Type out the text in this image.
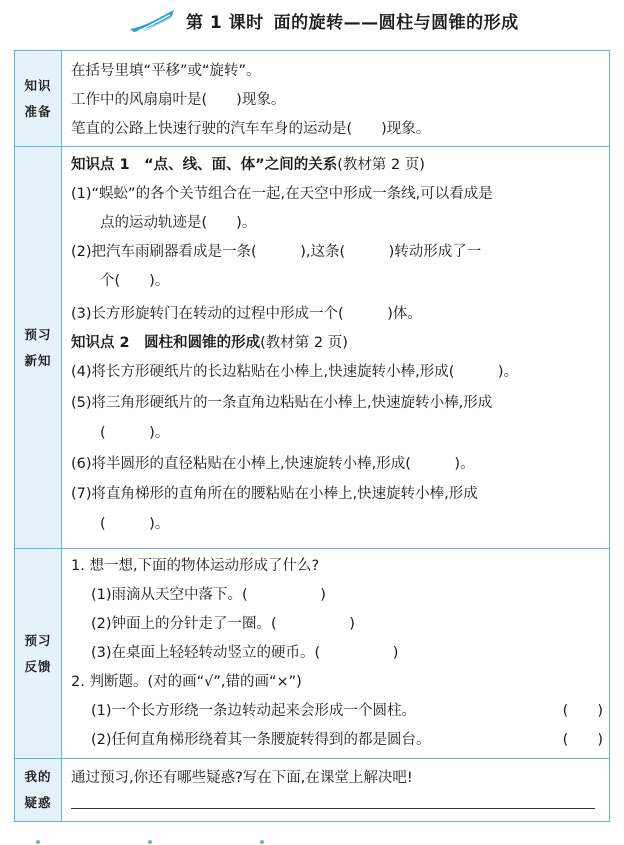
第 1 课时 面的旋转——圆柱与圆锥的形成
知识
准备
在括号里填“平移”或“旋转”。
工作中的风扇扇叶是(　　)现象。
笔直的公路上快速行驶的汽车车身的运动是(　　)现象。
预习
新知
知识点 1　“点、线、面、体”之间的关系(教材第 2 页)
(1)“蜈蚣”的各个关节组合在一起,在天空中形成一条线,可以看成是
　　点的运动轨迹是(　　)。
(2)把汽车雨刷器看成是一条(　　　),这条(　　　)转动形成了一
　　个(　　)。
(3)长方形旋转门在转动的过程中形成一个(　　　)体。
知识点 2　圆柱和圆锥的形成(教材第 2 页)
(4)将长方形硬纸片的长边粘贴在小棒上,快速旋转小棒,形成(　　　)。
(5)将三角形硬纸片的一条直角边粘贴在小棒上,快速旋转小棒,形成
　　(　　　)。
(6)将半圆形的直径粘贴在小棒上,快速旋转小棒,形成(　　　)。
(7)将直角梯形的直角所在的腰粘贴在小棒上,快速旋转小棒,形成
　　(　　　)。
预习
反馈
1. 想一想,下面的物体运动形成了什么?
(1)雨滴从天空中落下。(　　　　　)
(2)钟面上的分针走了一圈。(　　　　　)
(3)在桌面上轻轻转动竖立的硬币。(　　　　　)
2. 判断题。(对的画“√”,错的画“×”)
(1)一个长方形绕一条边转动起来会形成一个圆柱。	(　　)
(2)任何直角梯形绕着其一条腰旋转得到的都是圆台。	(　　)
我的
疑惑
通过预习,你还有哪些疑惑?写在下面,在课堂上解决吧!
